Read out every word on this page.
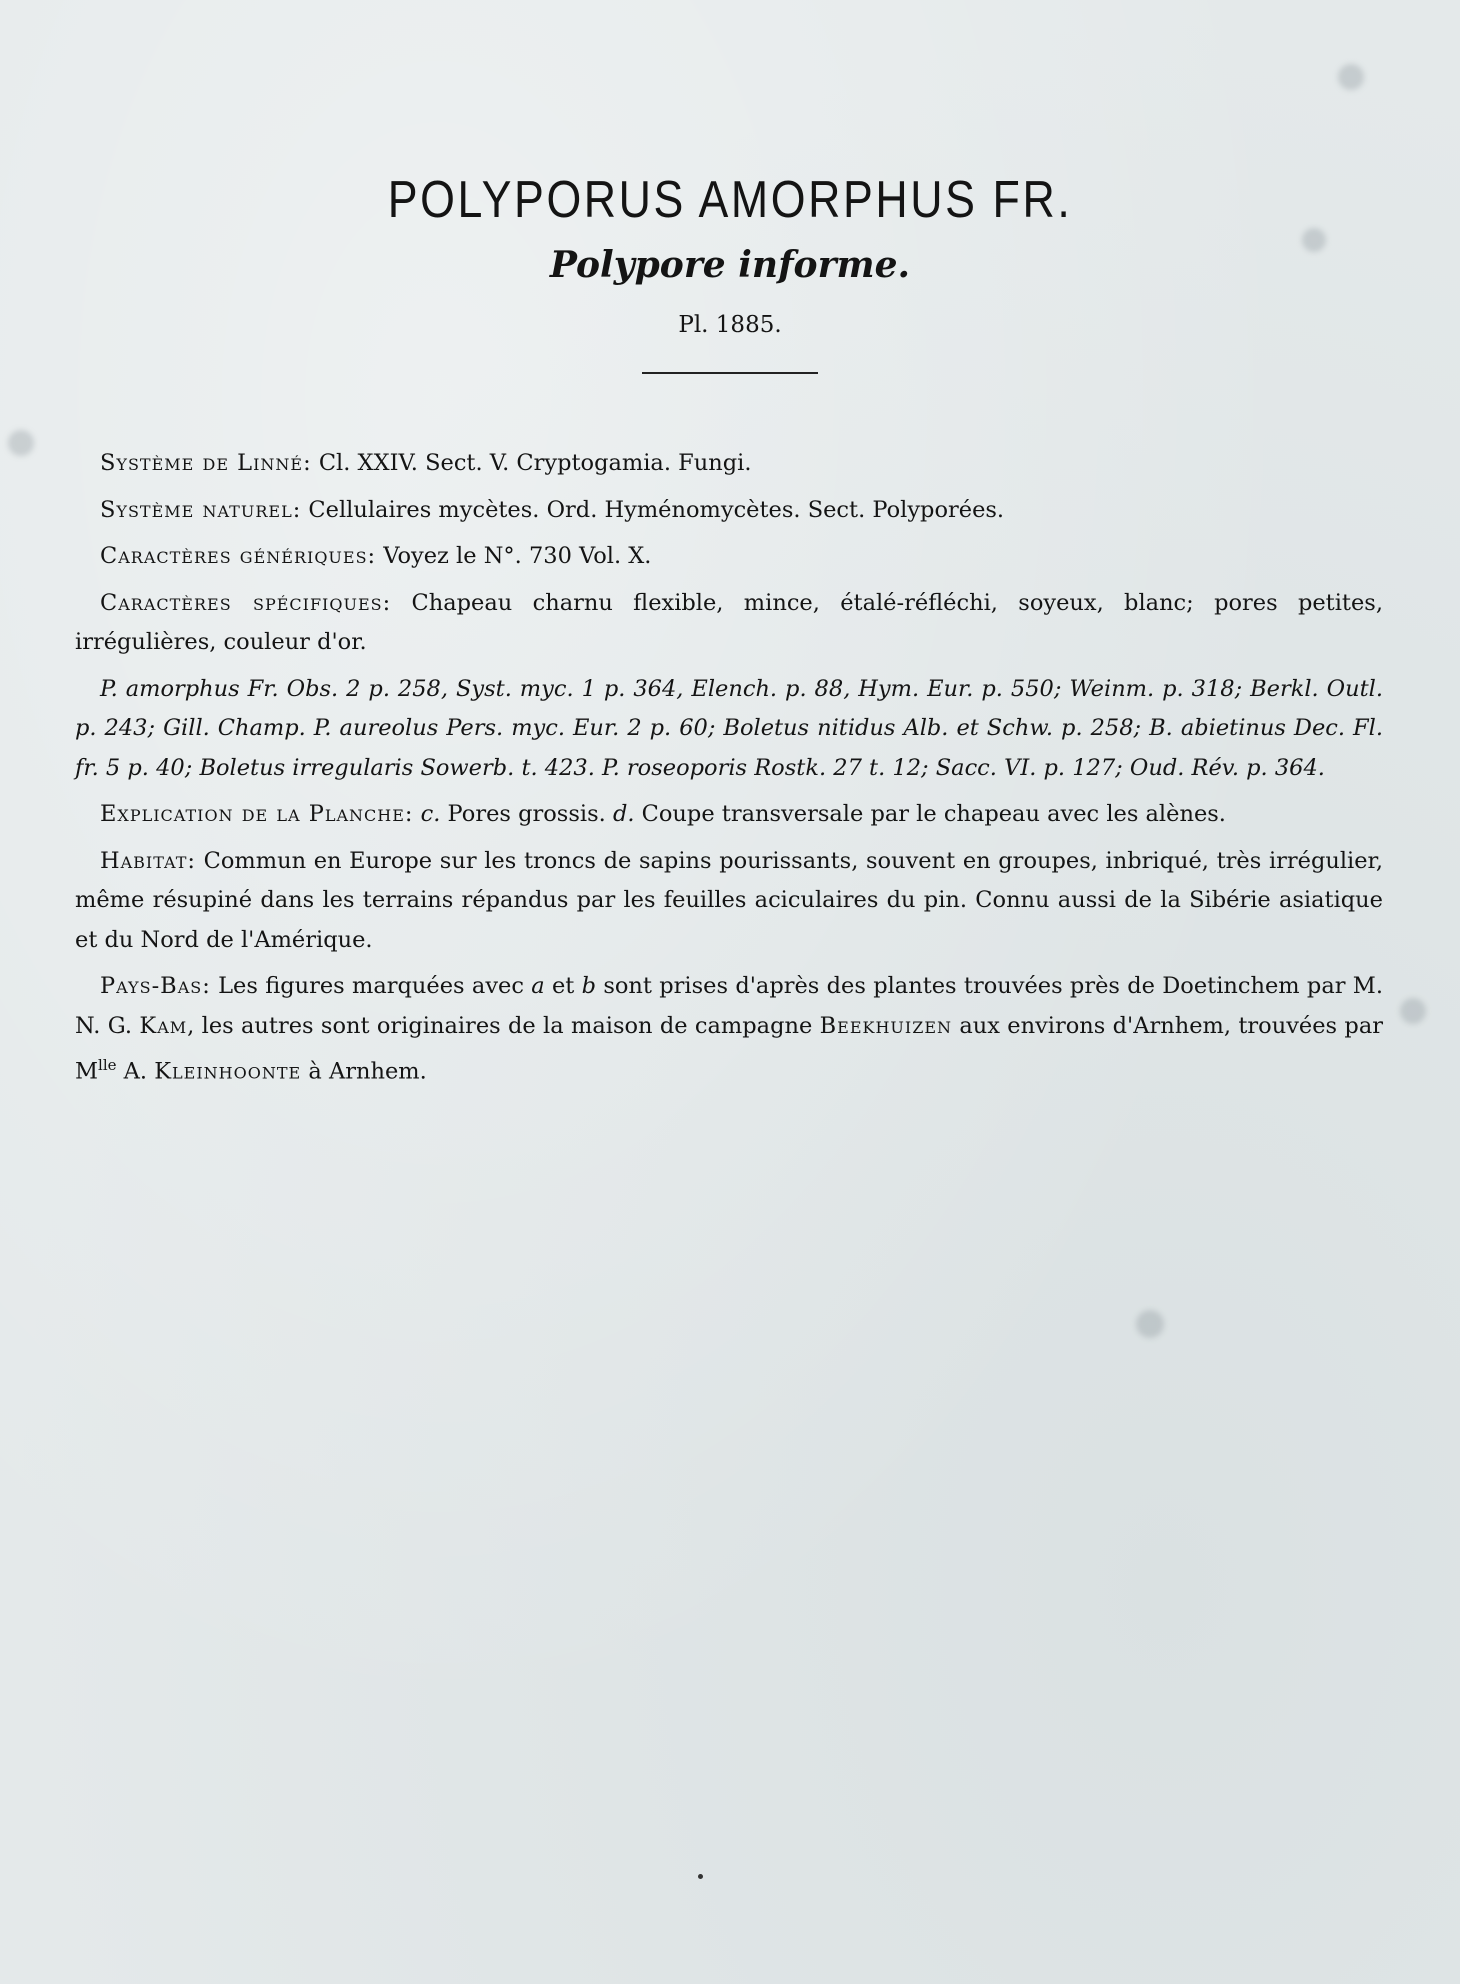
POLYPORUS AMORPHUS FR.
Polypore informe.
Pl. 1885.

Système de Linné: Cl. XXIV. Sect. V. Cryptogamia. Fungi.

Système naturel: Cellulaires mycètes. Ord. Hyménomycètes. Sect. Polyporées.

Caractères génériques: Voyez le N°. 730 Vol. X.

Caractères spécifiques: Chapeau charnu flexible, mince, étalé-réfléchi, soyeux, blanc; pores petites, irrégulières, couleur d'or.

P. amorphus Fr. Obs. 2 p. 258, Syst. myc. 1 p. 364, Elench. p. 88, Hym. Eur. p. 550; Weinm. p. 318; Berkl. Outl. p. 243; Gill. Champ. P. aureolus Pers. myc. Eur. 2 p. 60; Boletus nitidus Alb. et Schw. p. 258; B. abietinus Dec. Fl. fr. 5 p. 40; Boletus irregularis Sowerb. t. 423. P. roseoporis Rostk. 27 t. 12; Sacc. VI. p. 127; Oud. Rév. p. 364.

Explication de la Planche: c. Pores grossis. d. Coupe transversale par le chapeau avec les alènes.

Habitat: Commun en Europe sur les troncs de sapins pourissants, souvent en groupes, inbriqué, très irrégulier, même résupiné dans les terrains répandus par les feuilles aciculaires du pin. Connu aussi de la Sibérie asiatique et du Nord de l'Amérique.

Pays-Bas: Les figures marquées avec a et b sont prises d'après des plantes trouvées près de Doetinchem par M. N. G. Kam, les autres sont originaires de la maison de campagne Beekhuizen aux environs d'Arnhem, trouvées par $M^{lle}$ A. Kleinhoonte à Arnhem.
